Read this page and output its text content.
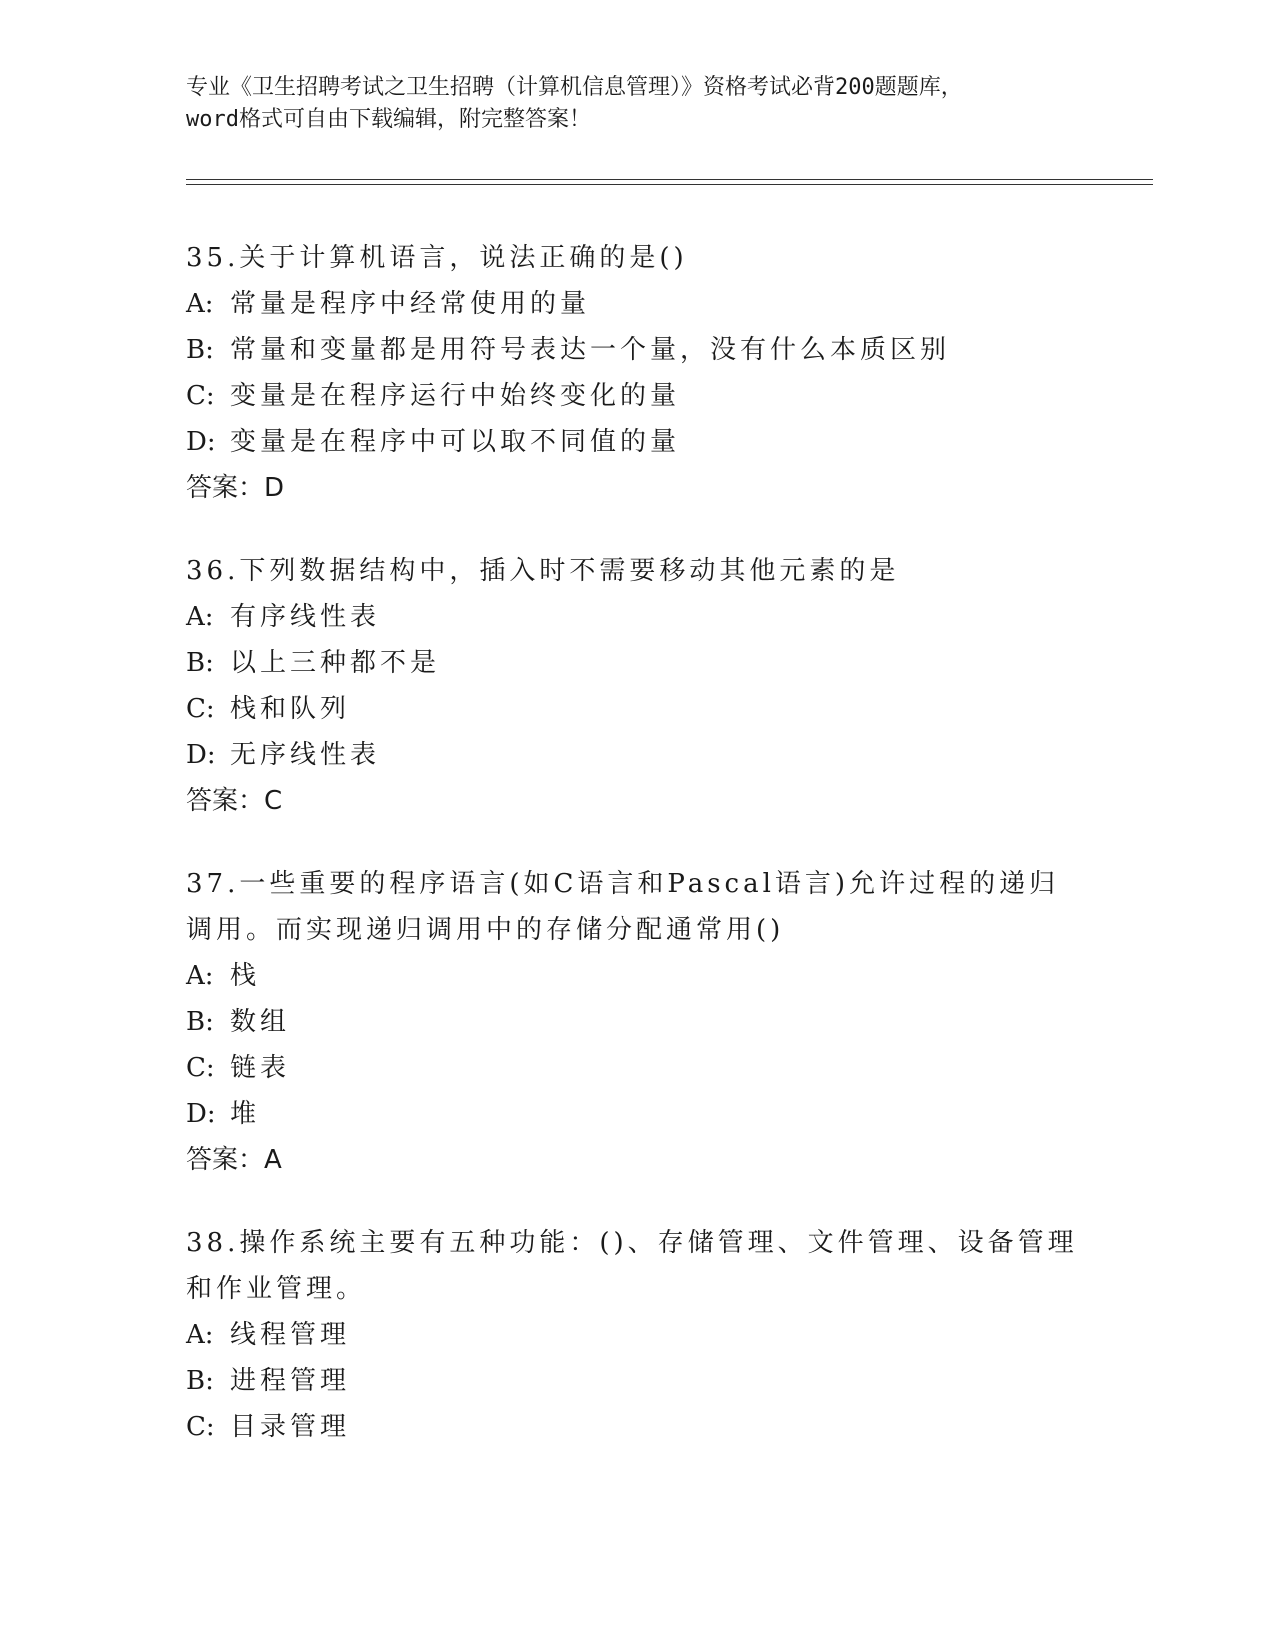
专业《卫生招聘考试之卫生招聘（计算机信息管理）》资格考试必背200题题库，
word格式可自由下载编辑，附完整答案！
35.关于计算机语言，说法正确的是()
A: 常量是程序中经常使用的量
B: 常量和变量都是用符号表达一个量，没有什么本质区别
C: 变量是在程序运行中始终变化的量
D: 变量是在程序中可以取不同值的量
答案：D
36.下列数据结构中，插入时不需要移动其他元素的是
A: 有序线性表
B: 以上三种都不是
C: 栈和队列
D: 无序线性表
答案：C
37.一些重要的程序语言(如C语言和Pascal语言)允许过程的递归调用。而实现递归调用中的存储分配通常用()
A: 栈
B: 数组
C: 链表
D: 堆
答案：A
38.操作系统主要有五种功能：()、存储管理、文件管理、设备管理和作业管理。
A: 线程管理
B: 进程管理
C: 目录管理
